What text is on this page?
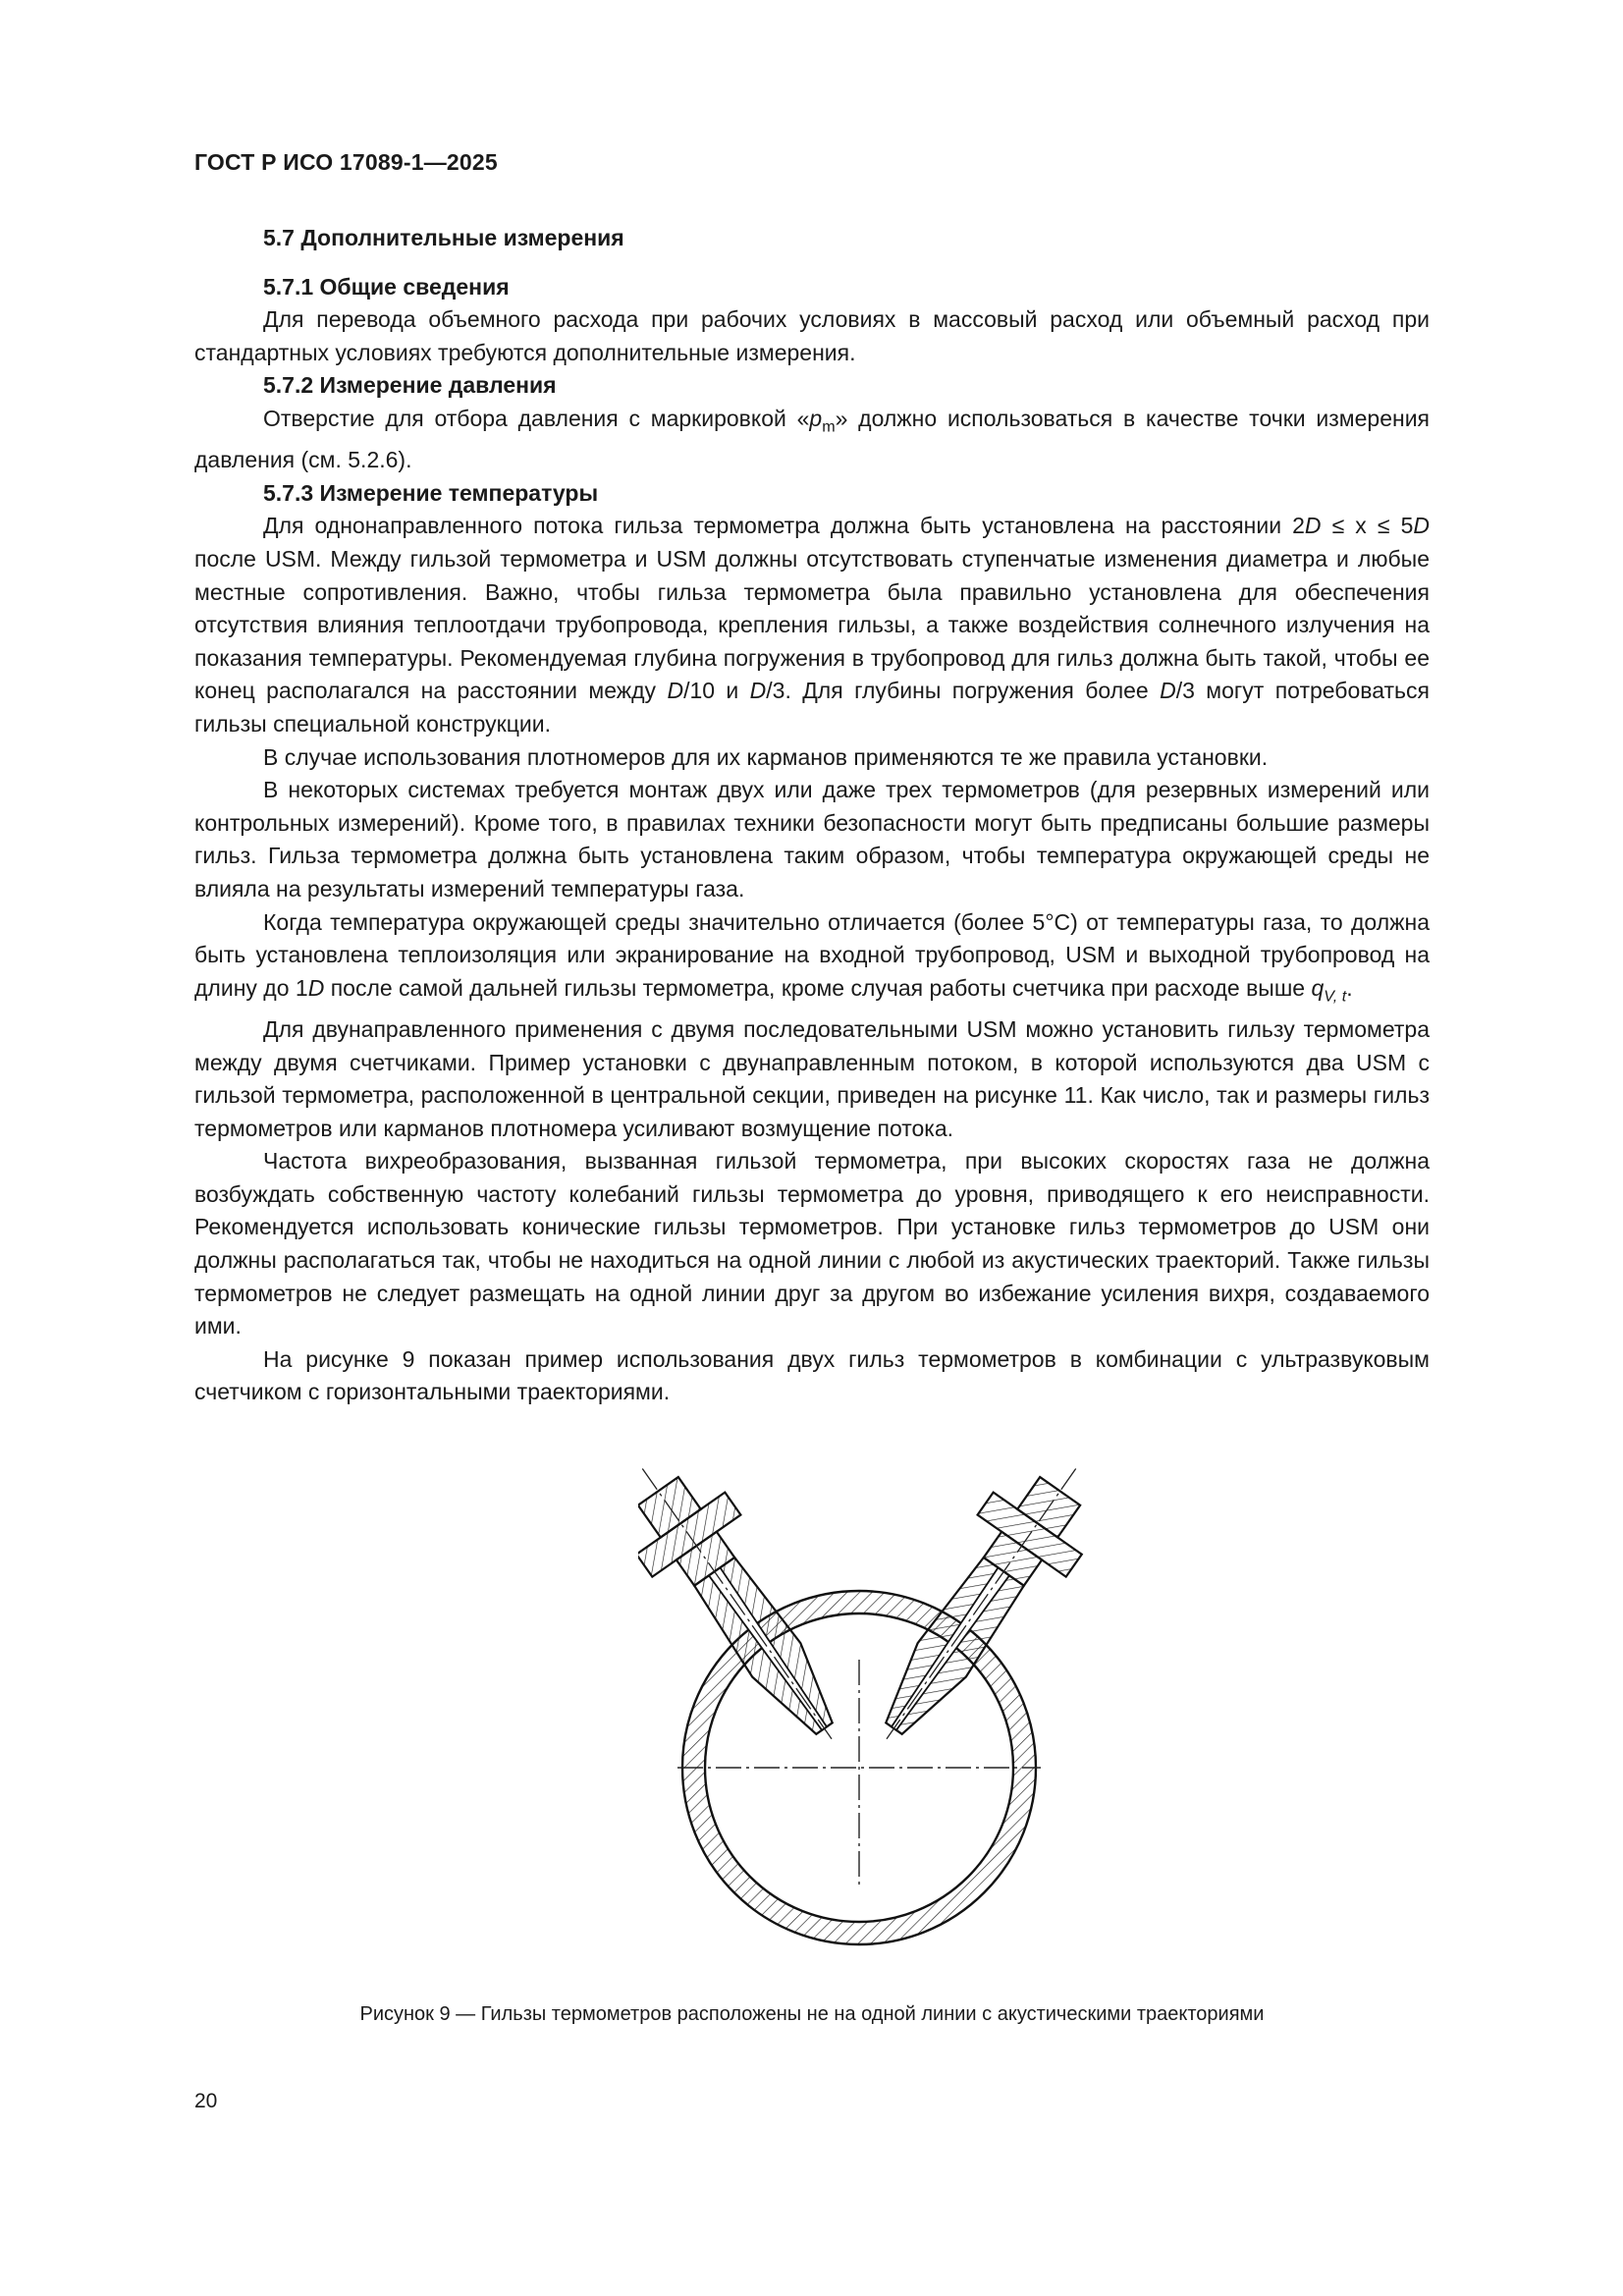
ГОСТ Р ИСО 17089-1—2025

5.7 Дополнительные измерения

5.7.1 Общие сведения

Для перевода объемного расхода при рабочих условиях в массовый расход или объемный расход при стандартных условиях требуются дополнительные измерения.

5.7.2 Измерение давления

Отверстие для отбора давления с маркировкой «$p_m$» должно использоваться в качестве точки измерения давления (см. 5.2.6).

5.7.3 Измерение температуры

Для однонаправленного потока гильза термометра должна быть установлена на расстоянии 2D ≤ x ≤ 5D после USM. Между гильзой термометра и USM должны отсутствовать ступенчатые изменения диаметра и любые местные сопротивления. Важно, чтобы гильза термометра была правильно установлена для обеспечения отсутствия влияния теплоотдачи трубопровода, крепления гильзы, а также воздействия солнечного излучения на показания температуры. Рекомендуемая глубина погружения в трубопровод для гильз должна быть такой, чтобы ее конец располагался на расстоянии между D/10 и D/3. Для глубины погружения более D/3 могут потребоваться гильзы специальной конструкции.

В случае использования плотномеров для их карманов применяются те же правила установки.

В некоторых системах требуется монтаж двух или даже трех термометров (для резервных измерений или контрольных измерений). Кроме того, в правилах техники безопасности могут быть предписаны большие размеры гильз. Гильза термометра должна быть установлена таким образом, чтобы температура окружающей среды не влияла на результаты измерений температуры газа.

Когда температура окружающей среды значительно отличается (более 5°С) от температуры газа, то должна быть установлена теплоизоляция или экранирование на входной трубопровод, USM и выходной трубопровод на длину до 1D после самой дальней гильзы термометра, кроме случая работы счетчика при расходе выше $q_{V, t}$.

Для двунаправленного применения с двумя последовательными USM можно установить гильзу термометра между двумя счетчиками. Пример установки с двунаправленным потоком, в которой используются два USM с гильзой термометра, расположенной в центральной секции, приведен на рисунке 11. Как число, так и размеры гильз термометров или карманов плотномера усиливают возмущение потока.

Частота вихреобразования, вызванная гильзой термометра, при высоких скоростях газа не должна возбуждать собственную частоту колебаний гильзы термометра до уровня, приводящего к его неисправности. Рекомендуется использовать конические гильзы термометров. При установке гильз термометров до USM они должны располагаться так, чтобы не находиться на одной линии с любой из акустических траекторий. Также гильзы термометров не следует размещать на одной линии друг за другом во избежание усиления вихря, создаваемого ими.

На рисунке 9 показан пример использования двух гильз термометров в комбинации с ультразвуковым счетчиком с горизонтальными траекториями.

Рисунок 9 — Гильзы термометров расположены не на одной линии с акустическими траекториями
20
